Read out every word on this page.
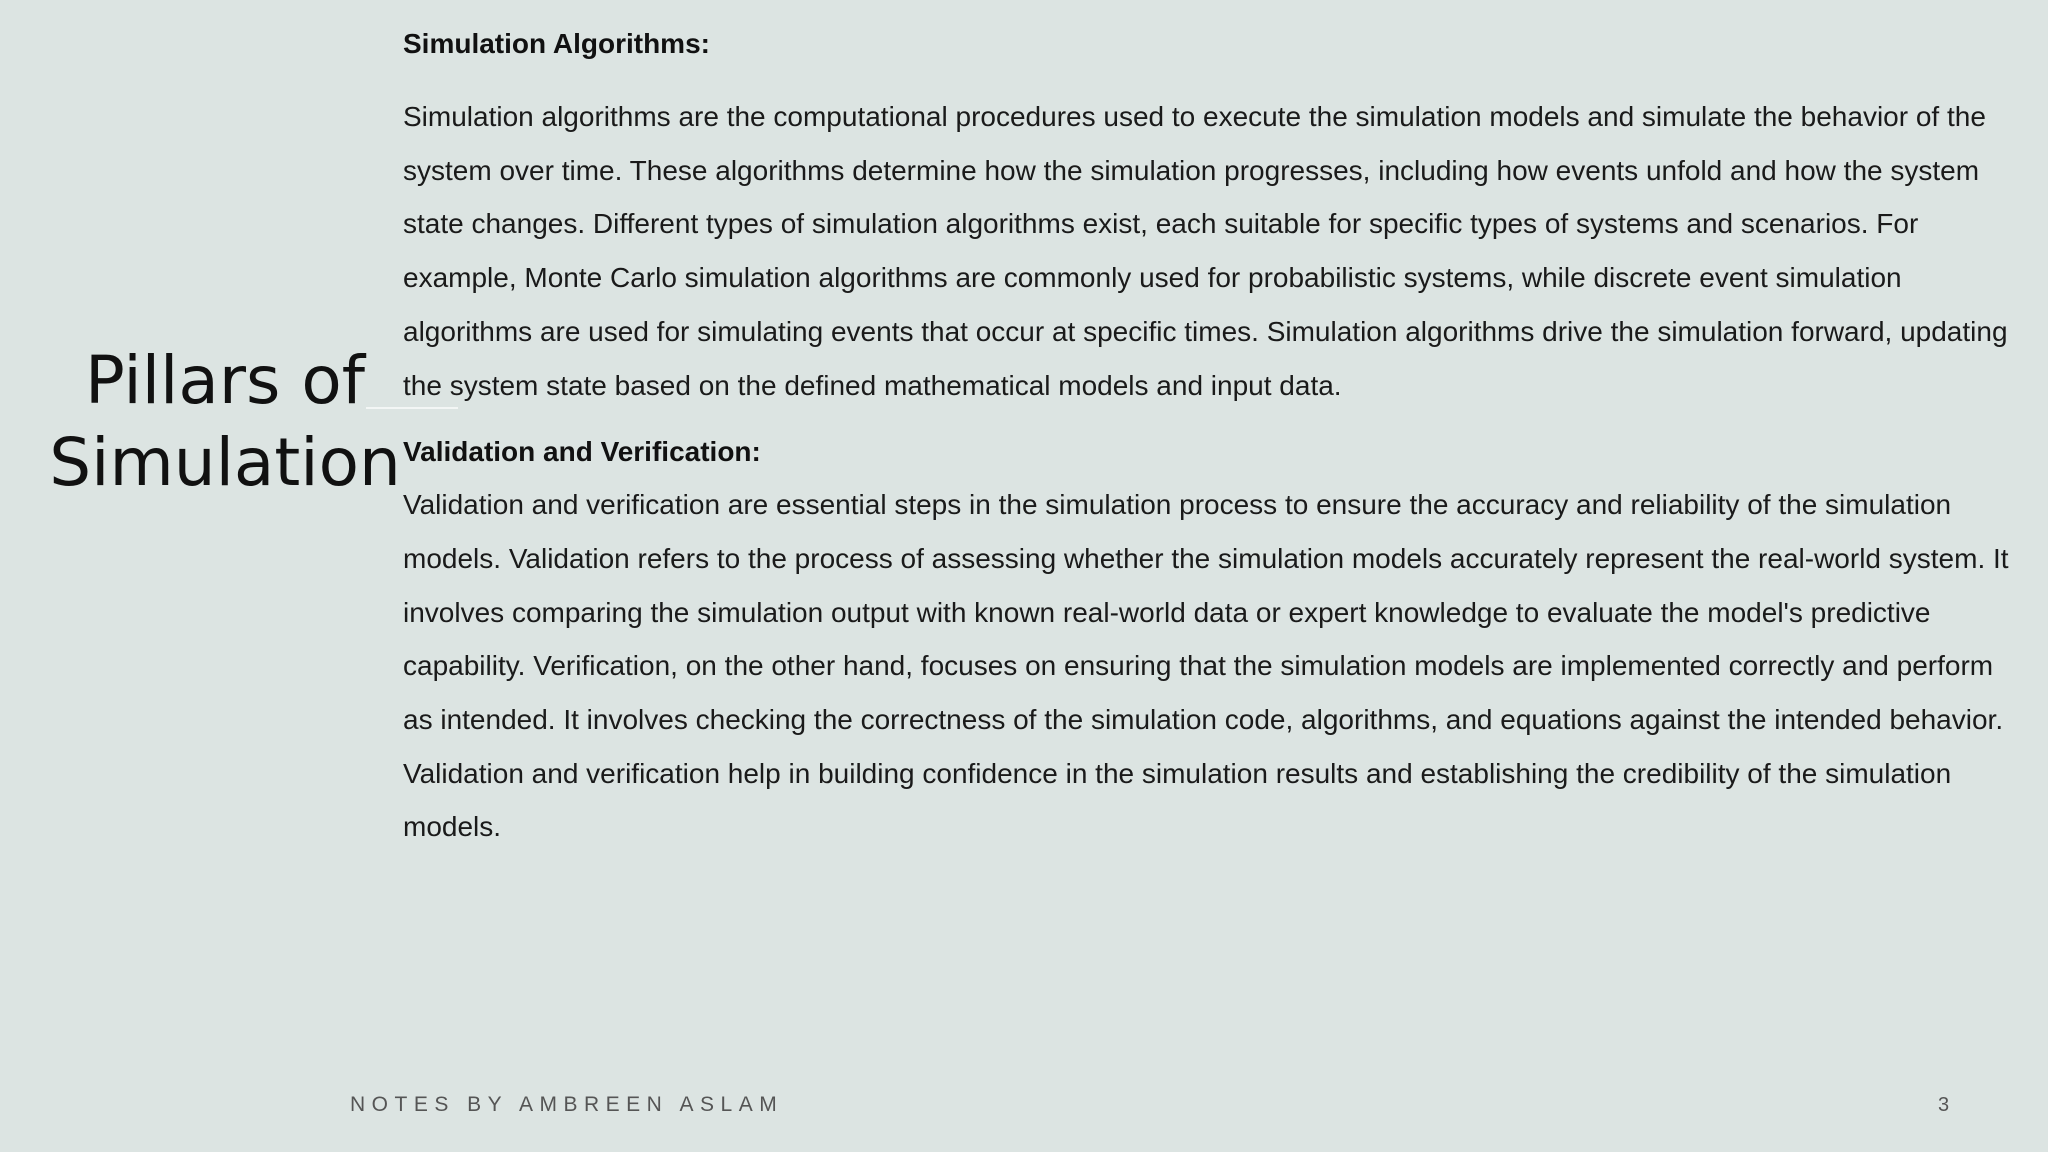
Pillars of
Simulation

Simulation Algorithms:

Simulation algorithms are the computational procedures used to execute the simulation models and simulate the behavior of the system over time. These algorithms determine how the simulation progresses, including how events unfold and how the system state changes. Different types of simulation algorithms exist, each suitable for specific types of systems and scenarios. For example, Monte Carlo simulation algorithms are commonly used for probabilistic systems, while discrete event simulation algorithms are used for simulating events that occur at specific times. Simulation algorithms drive the simulation forward, updating the system state based on the defined mathematical models and input data.

Validation and Verification:

Validation and verification are essential steps in the simulation process to ensure the accuracy and reliability of the simulation models. Validation refers to the process of assessing whether the simulation models accurately represent the real-world system. It involves comparing the simulation output with known real-world data or expert knowledge to evaluate the model's predictive capability. Verification, on the other hand, focuses on ensuring that the simulation models are implemented correctly and perform as intended. It involves checking the correctness of the simulation code, algorithms, and equations against the intended behavior. Validation and verification help in building confidence in the simulation results and establishing the credibility of the simulation models.

NOTES BY AMBREEN ASLAM	3
